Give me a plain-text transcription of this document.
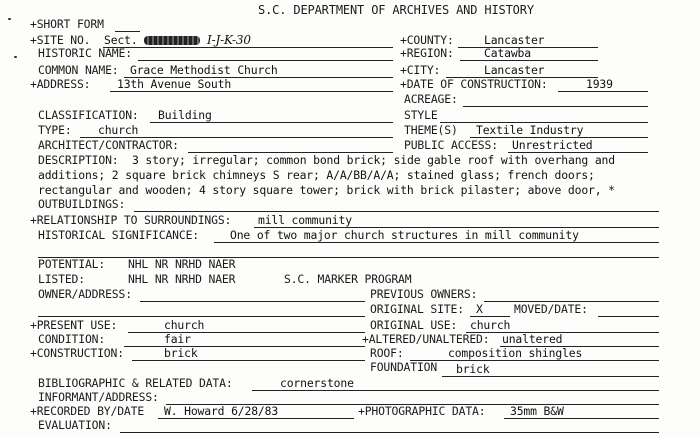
S.C. DEPARTMENT OF ARCHIVES AND HISTORY
+SHORT FORM
+SITE NO. Sect.	I-J-K-30	+COUNTY:	Lancaster
HISTORIC NAME:	+REGION:	Catawba
COMMON NAME: Grace Methodist Church	+CITY:	Lancaster
+ADDRESS: 13th Avenue South	+DATE OF CONSTRUCTION:	1939
ACREAGE:
CLASSIFICATION: Building	STYLE
TYPE: church	THEME(S) Textile Industry
ARCHITECT/CONTRACTOR:	PUBLIC ACCESS: Unrestricted
DESCRIPTION: 3 story; irregular; common bond brick; side gable roof with overhang and
additions; 2 square brick chimneys S rear; A/A/BB/A/A; stained glass; french doors;
rectangular and wooden; 4 story square tower; brick with brick pilaster; above door, *
OUTBUILDINGS:
+RELATIONSHIP TO SURROUNDINGS: mill community
HISTORICAL SIGNIFICANCE:	One of two major church structures in mill community
POTENTIAL: NHL NR NRHD NAER
LISTED:	NHL NR NRHD NAER	S.C. MARKER PROGRAM
OWNER/ADDRESS:	PREVIOUS OWNERS:
ORIGINAL SITE: X	MOVED/DATE:
+PRESENT USE:	church	ORIGINAL USE: church
CONDITION:	fair	+ALTERED/UNALTERED: unaltered
+CONSTRUCTION:	brick	ROOF:	composition shingles
FOUNDATION brick
BIBLIOGRAPHIC & RELATED DATA:	cornerstone
INFORMANT/ADDRESS:
+RECORDED BY/DATE W. Howard 6/28/83	+PHOTOGRAPHIC DATA: 35mm B&W
EVALUATION:
